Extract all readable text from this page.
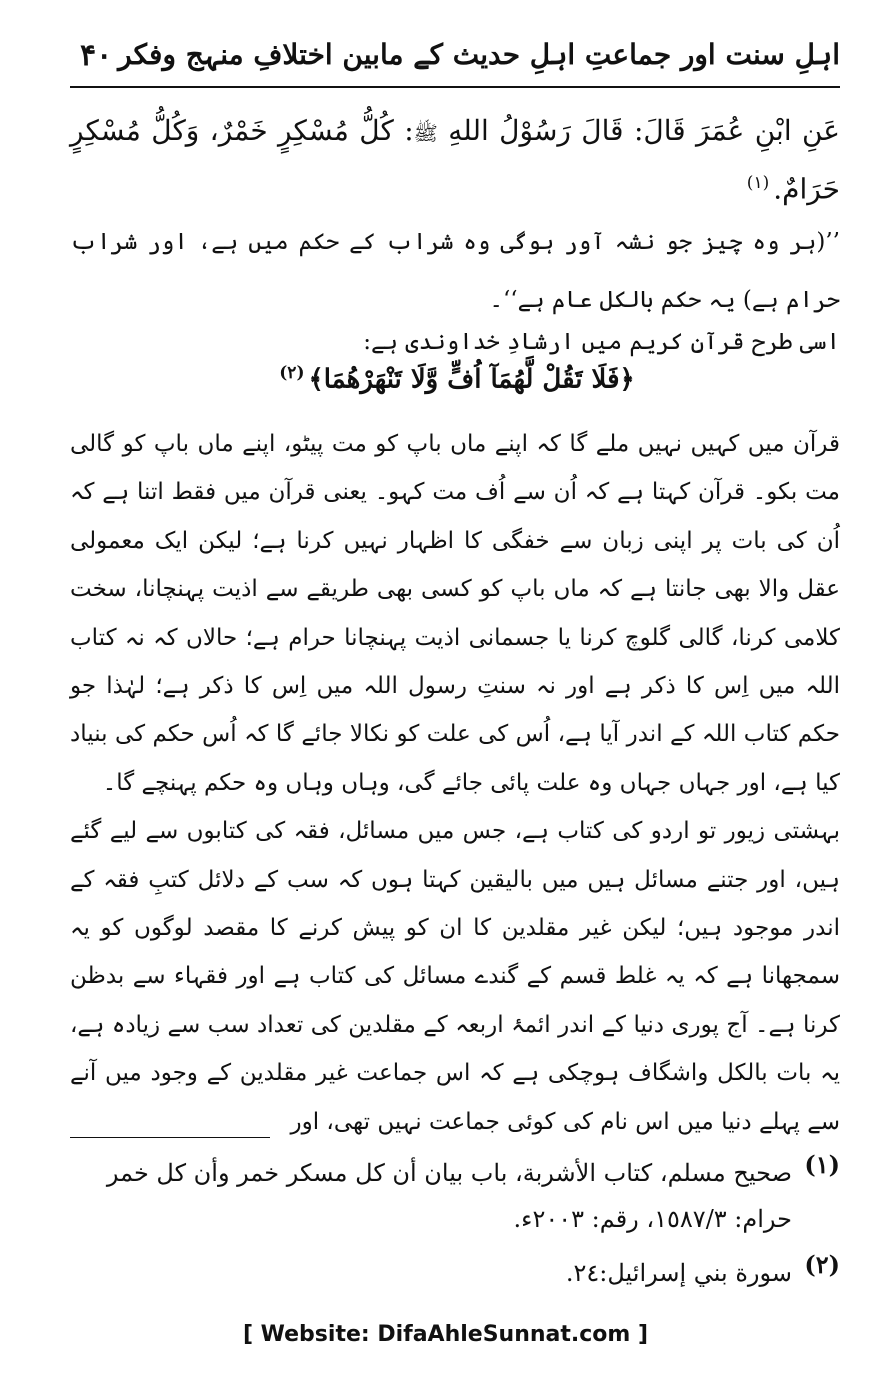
۴۰ اہلِ سنت اور جماعتِ اہلِ حدیث کے مابین اختلافِ منہج وفکر
عَنِ ابْنِ عُمَرَ قَالَ: قَالَ رَسُوْلُ اللهِ ﷺ: كُلُّ مُسْكِرٍ خَمْرٌ، وَكُلُّ مُسْكِرٍ حَرَامٌ.$^{(١)}$
’’(ہر وہ چیز جو نشہ آور ہوگی وہ شراب کے حکم میں ہے، اور شراب حرام ہے) یہ حکم بالکل عام ہے‘‘۔
اسی طرح قرآنِ کریم میں ارشادِ خداوندی ہے:
﴿فَلَا تَقُلْ لَّهُمَآ اُفٍّ وَّلَا تَنْهَرْهُمَا﴾$^{(٢)}$
قرآن میں کہیں نہیں ملے گا کہ اپنے ماں باپ کو مت پیٹو، اپنے ماں باپ کو گالی مت بکو۔ قرآن کہتا ہے کہ اُن سے اُف مت کہو۔ یعنی قرآن میں فقط اتنا ہے کہ اُن کی بات پر اپنی زبان سے خفگی کا اظہار نہیں کرنا ہے؛ لیکن ایک معمولی عقل والا بھی جانتا ہے کہ ماں باپ کو کسی بھی طریقے سے اذیت پہنچانا، سخت کلامی کرنا، گالی گلوچ کرنا یا جسمانی اذیت پہنچانا حرام ہے؛ حالاں کہ نہ کتاب اللہ میں اِس کا ذکر ہے اور نہ سنتِ رسول اللہ میں اِس کا ذکر ہے؛ لہٰذا جو حکم کتاب اللہ کے اندر آیا ہے، اُس کی علت کو نکالا جائے گا کہ اُس حکم کی بنیاد کیا ہے، اور جہاں جہاں وہ علت پائی جائے گی، وہاں وہاں وہ حکم پہنچے گا۔
بہشتی زیور تو اردو کی کتاب ہے، جس میں مسائل، فقہ کی کتابوں سے لیے گئے ہیں، اور جتنے مسائل ہیں میں بالیقین کہتا ہوں کہ سب کے دلائل کتبِ فقہ کے اندر موجود ہیں؛ لیکن غیر مقلدین کا ان کو پیش کرنے کا مقصد لوگوں کو یہ سمجھانا ہے کہ یہ غلط قسم کے گندے مسائل کی کتاب ہے اور فقہاء سے بدظن کرنا ہے۔ آج پوری دنیا کے اندر ائمۂ اربعہ کے مقلدین کی تعداد سب سے زیادہ ہے، یہ بات بالکل واشگاف ہوچکی ہے کہ اس جماعت غیر مقلدین کے وجود میں آنے سے پہلے دنیا میں اس نام کی کوئی جماعت نہیں تھی، اور
(١)
صحيح مسلم، كتاب الأشربة، باب بيان أن كل مسكر خمر وأن كل خمر حرام: ١٥٨٧/٣، رقم: ٢٠٠٣ء.
(٢)
سورة بني إسرائيل:٢٤.
[ Website: DifaAhleSunnat.com ]
